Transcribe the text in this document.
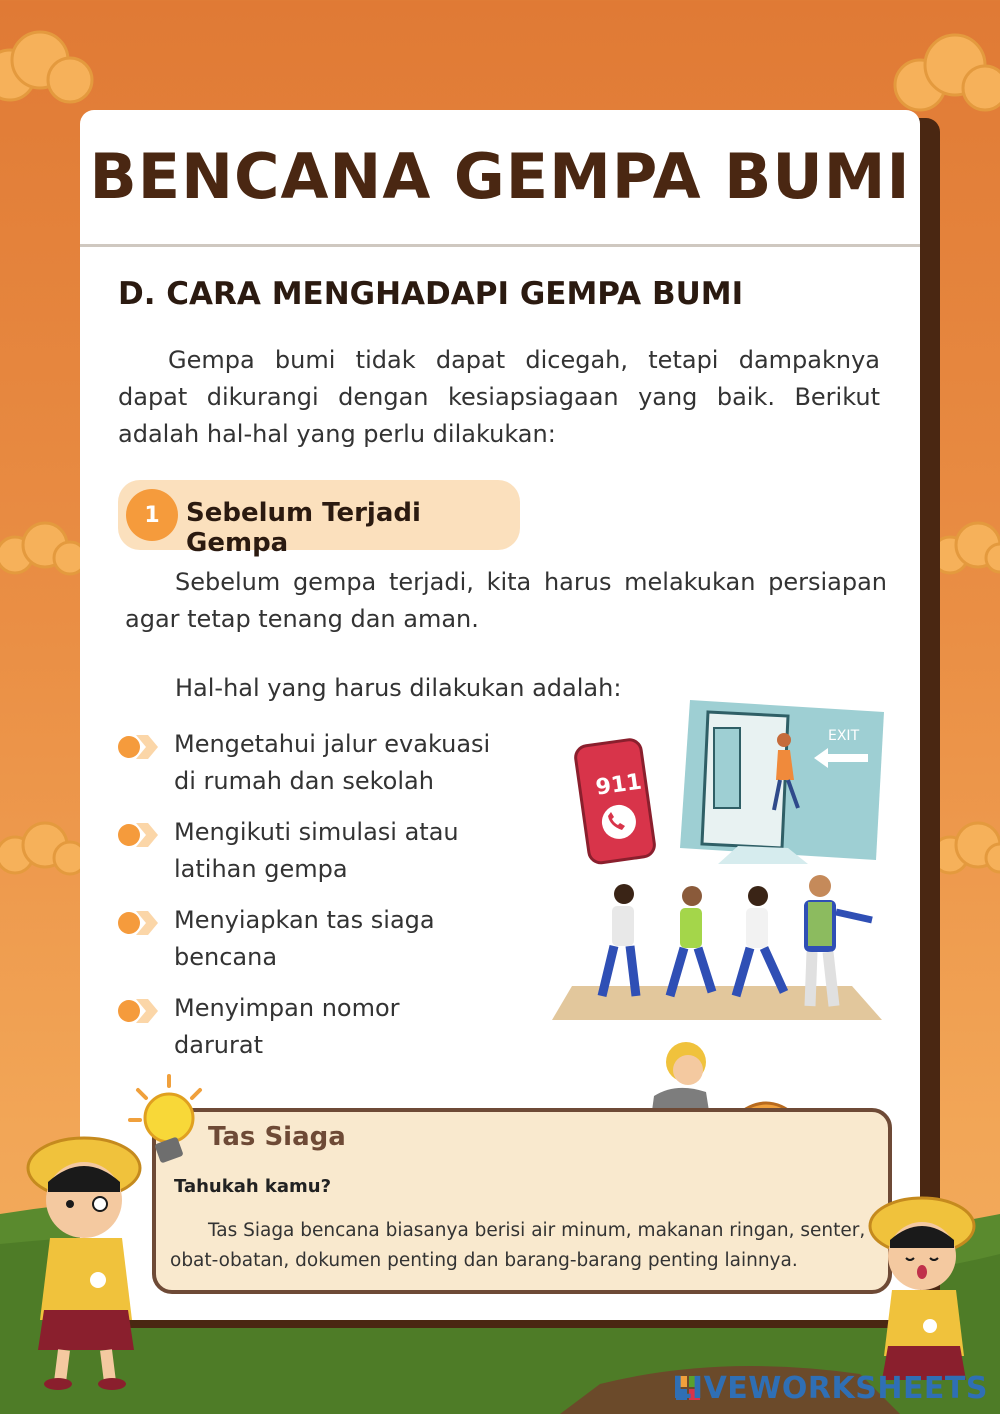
BENCANA GEMPA BUMI
D. CARA MENGHADAPI GEMPA BUMI

Gempa bumi tidak dapat dicegah, tetapi dampaknya dapat dikurangi dengan kesiapsiagaan yang baik. Berikut adalah hal-hal yang perlu dilakukan:

1	Sebelum Terjadi Gempa

Sebelum gempa terjadi, kita harus melakukan persiapan agar tetap tenang dan aman.

Hal-hal yang harus dilakukan adalah:

Mengetahui jalur evakuasi
di rumah dan sekolah
Mengikuti simulasi atau
latihan gempa
Menyiapkan tas siaga
bencana
Menyimpan nomor
darurat
911
EXIT
Tas Siaga
Tahukah kamu?

Tas Siaga bencana biasanya berisi air minum, makanan ringan, senter, obat-obatan, dokumen penting dan barang-barang penting lainnya.

LIVEWORKSHEETS
